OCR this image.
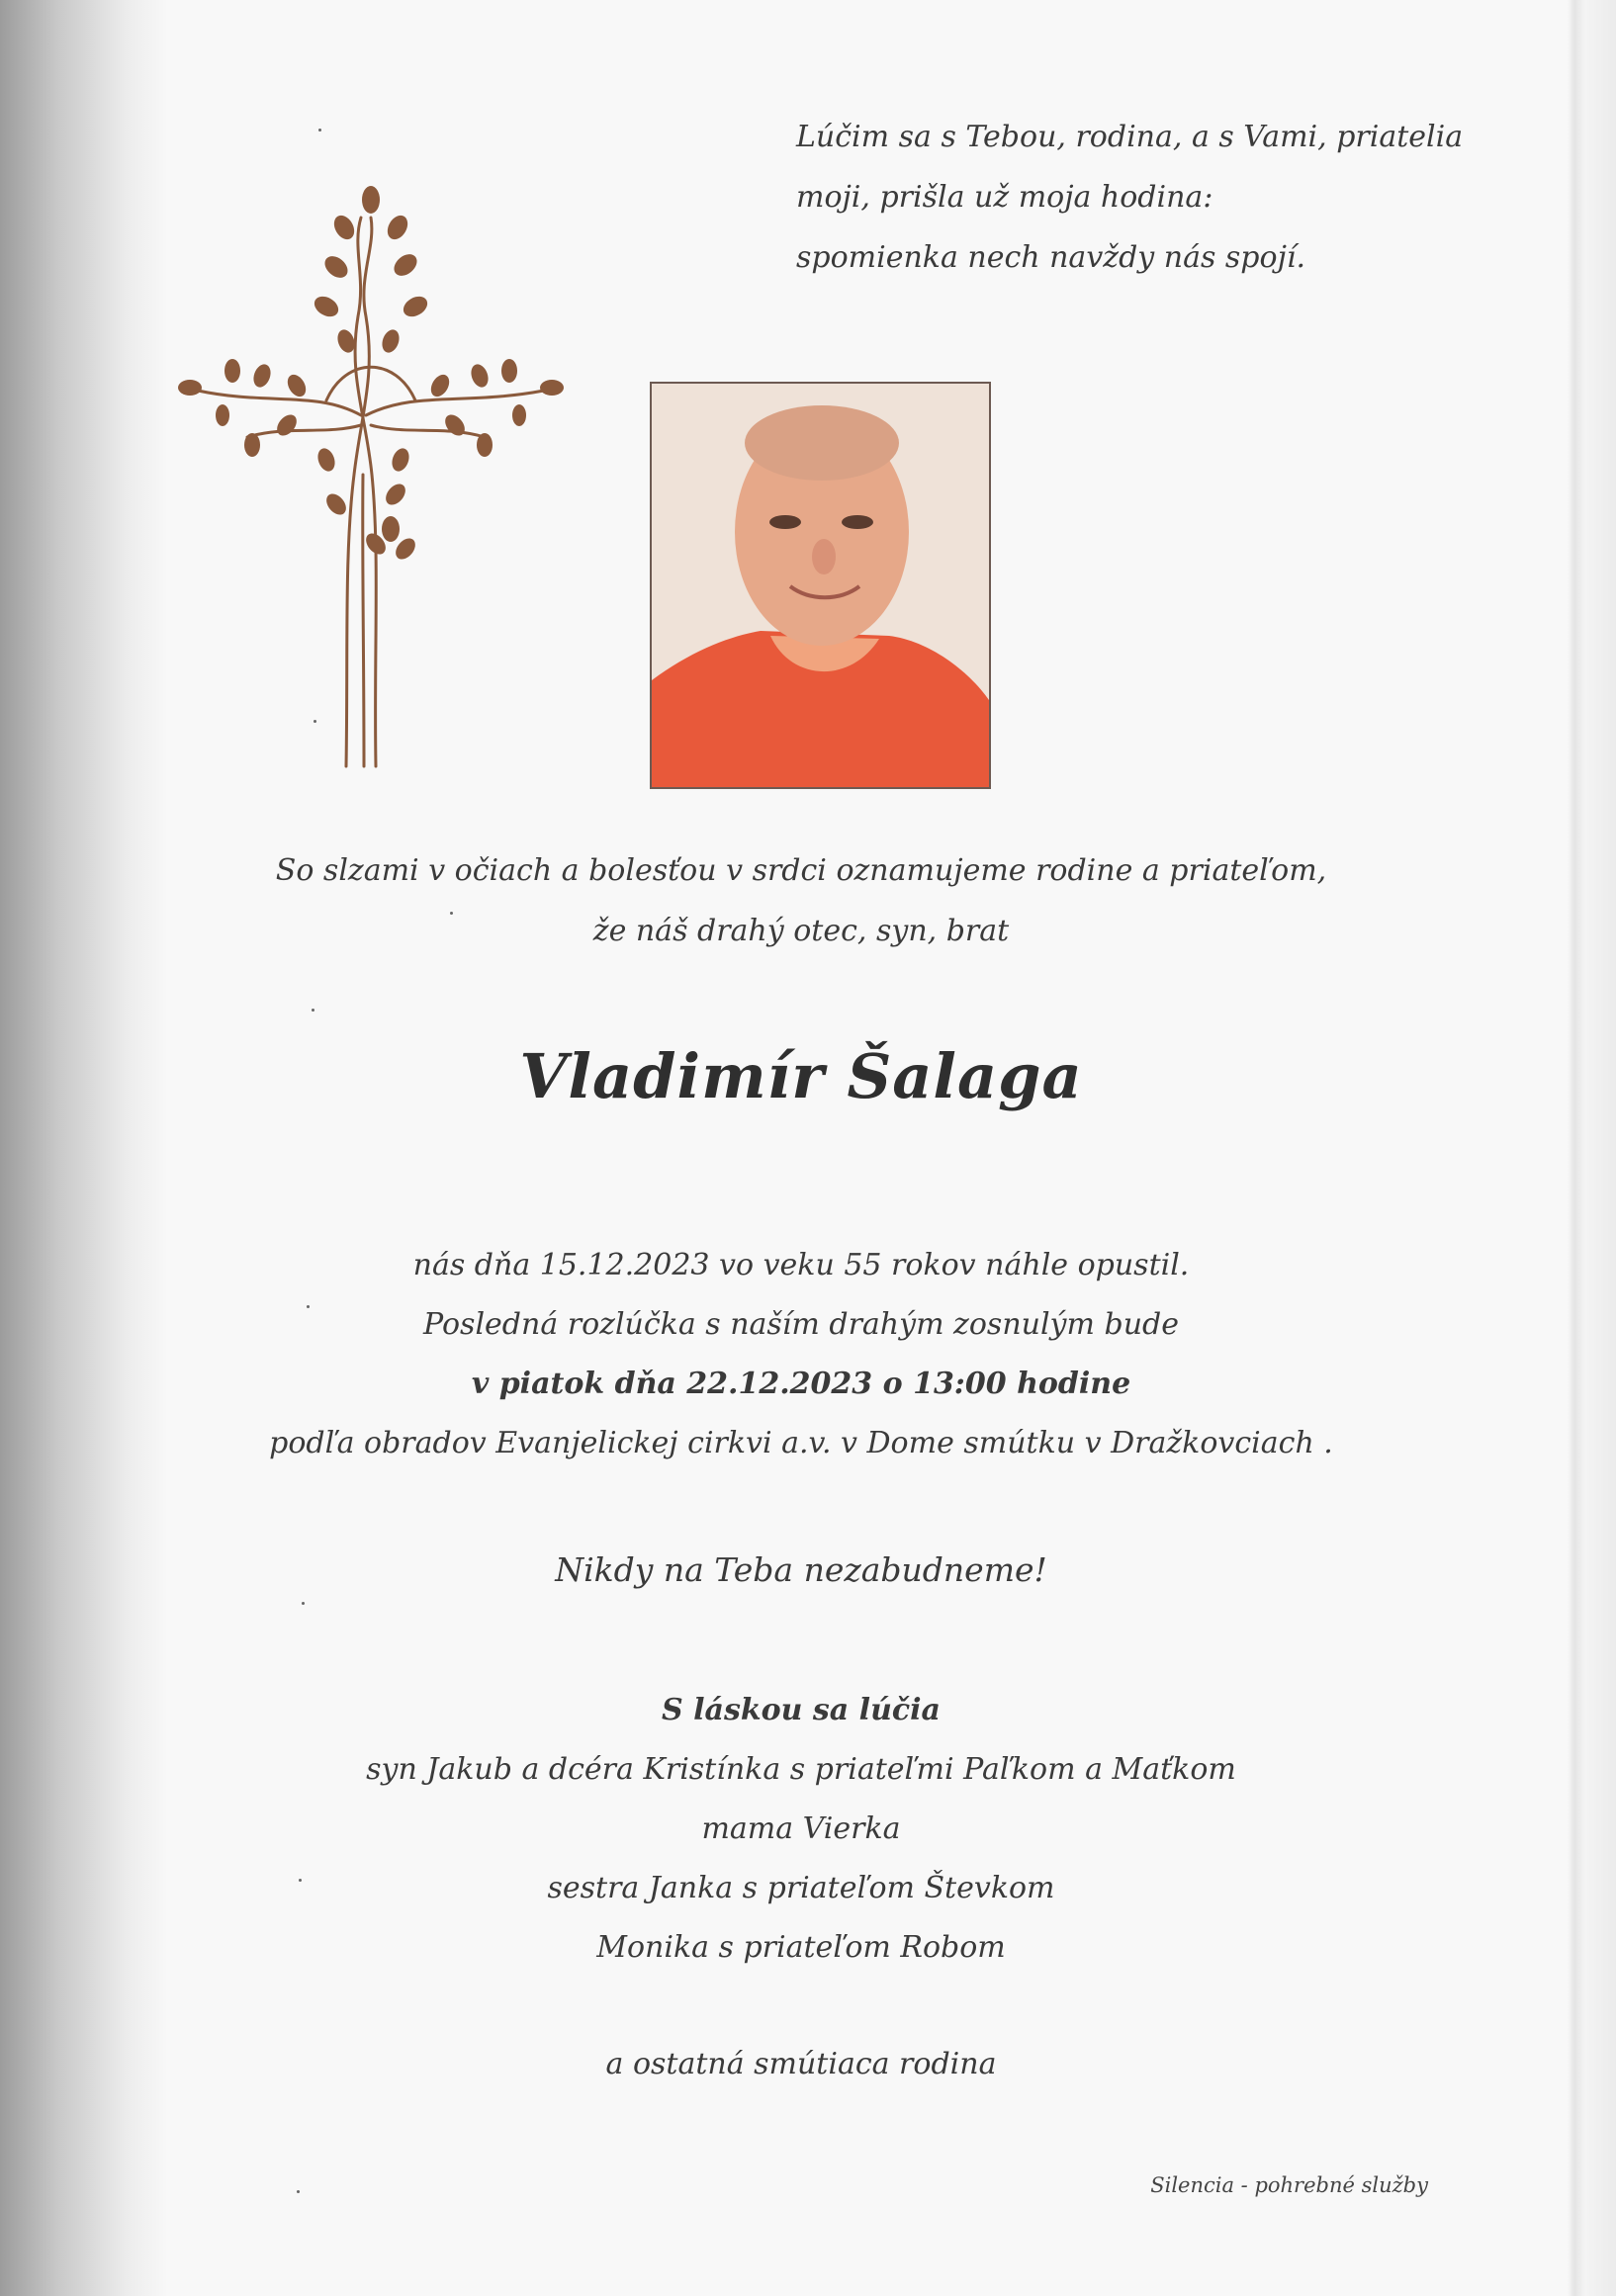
Lúčim sa s Tebou, rodina, a s Vami, priatelia
moji, prišla už moja hodina:
spomienka nech navždy nás spojí.
So slzami v očiach a bolesťou v srdci oznamujeme rodine a priateľom,
že náš drahý otec, syn, brat
Vladimír Šalaga
nás dňa 15.12.2023 vo veku 55 rokov náhle opustil.
Posledná rozlúčka s naším drahým zosnulým bude
v piatok dňa 22.12.2023 o 13:00 hodine
podľa obradov Evanjelickej cirkvi a.v. v Dome smútku v Dražkovciach .
Nikdy na Teba nezabudneme!
S láskou sa lúčia
syn Jakub a dcéra Kristínka s priateľmi Paľkom a Maťkom
mama Vierka
sestra Janka s priateľom Števkom
Monika s priateľom Robom
a ostatná smútiaca rodina
Silencia - pohrebné služby
